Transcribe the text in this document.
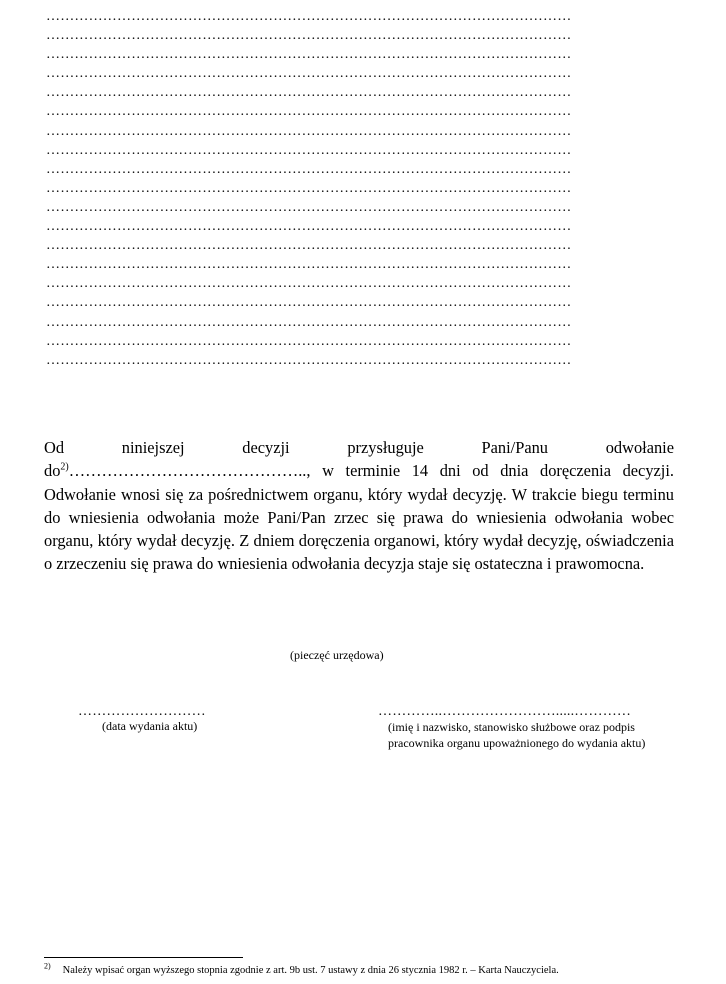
…………………………………………………………………………………………………
…………………………………………………………………………………………………
…………………………………………………………………………………………………
…………………………………………………………………………………………………
…………………………………………………………………………………………………
…………………………………………………………………………………………………
…………………………………………………………………………………………………
…………………………………………………………………………………………………
…………………………………………………………………………………………………
…………………………………………………………………………………………………
…………………………………………………………………………………………………
…………………………………………………………………………………………………
…………………………………………………………………………………………………
…………………………………………………………………………………………………
…………………………………………………………………………………………………
…………………………………………………………………………………………………
…………………………………………………………………………………………………
…………………………………………………………………………………………………
…………………………………………………………………………………………………
Od niniejszej decyzji przysługuje Pani/Panu odwołanie $do^{2)}\dots\dots\dots\dots\dots\dots\dots\dots\dots\dots\dots\dots\dots\dots$.., w terminie 14 dni od dnia doręczenia decyzji. Odwołanie wnosi się za pośrednictwem organu, który wydał decyzję. W trakcie biegu terminu do wniesienia odwołania może Pani/Pan zrzec się prawa do wniesienia odwołania wobec organu, który wydał decyzję. Z dniem doręczenia organowi, który wydał decyzję, oświadczenia o zrzeczeniu się prawa do wniesienia odwołania decyzja staje się ostateczna i prawomocna.
(pieczęć urzędowa)
………………………
(data wydania aktu)
…………..…………………….....…………
(imię i nazwisko, stanowisko służbowe oraz podpis pracownika organu upoważnionego do wydania aktu)
$^{2)}$ Należy wpisać organ wyższego stopnia zgodnie z art. 9b ust. 7 ustawy z dnia 26 stycznia 1982 r. – Karta Nauczyciela.
